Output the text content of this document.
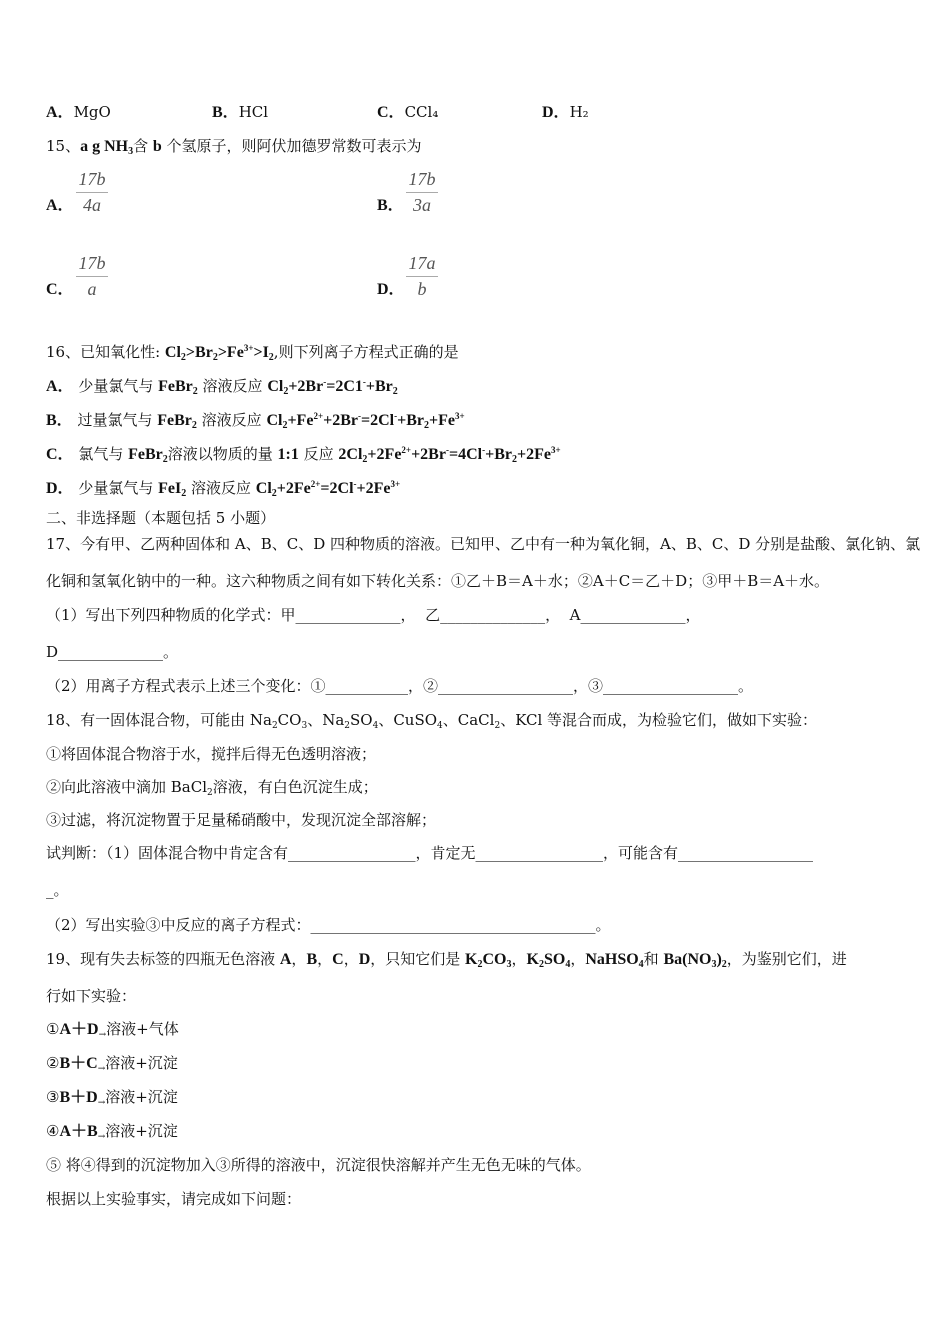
A．MgO	B．HCl	C．CCl₄	D．H₂
15、a g $NH_3$含 b 个氢原子，则阿伏加德罗常数可表示为
A． $\frac{17b}{4a}$	B． $\frac{17b}{3a}$
C． $\frac{17b}{a}$	D． $\frac{17a}{b}$
16、已知氧化性: $Cl_2>Br_2>Fe^{3+}>I_2$,则下列离子方程式正确的是
A． 少量氯气与 FeBr$_2$ 溶液反应 $Cl_2+2Br^-=2C1^-+Br_2$
B． 过量氯气与 FeBr$_2$ 溶液反应 $Cl_2+Fe^{2+}+2Br^-=2Cl^-+Br_2+Fe^{3+}$
C． 氯气与 FeBr$_2$溶液以物质的量 1:1 反应 $2Cl_2+2Fe^{2+}+2Br^-=4Cl^-+Br_2+2Fe^{3+}$
D． 少量氯气与 FeI$_2$ 溶液反应 $Cl_2+2Fe^{2+}=2Cl^-+2Fe^{3+}$
二、非选择题（本题包括 5 小题）
17、今有甲、乙两种固体和 A、B、C、D 四种物质的溶液。已知甲、乙中有一种为氧化铜，A、B、C、D 分别是盐酸、氯化钠、氯
化铜和氢氧化钠中的一种。这六种物质之间有如下转化关系：①乙＋B＝A＋水；②A＋C＝乙＋D；③甲＋B＝A＋水。
（1）写出下列四种物质的化学式：甲______________，  乙______________，  A______________，
D______________。
（2）用离子方程式表示上述三个变化：①___________，②__________________，③__________________。
18、有一固体混合物，可能由 $Na_2CO_3$、$Na_2SO_4$、CuSO$_4$、CaCl$_2$、KCl 等混合而成，为检验它们，做如下实验：
①将固体混合物溶于水，搅拌后得无色透明溶液；
②向此溶液中滴加 BaCl$_2$溶液，有白色沉淀生成；
③过滤，将沉淀物置于足量稀硝酸中，发现沉淀全部溶解；
试判断：（1）固体混合物中肯定含有_________________，肯定无_________________，可能含有__________________
_。
（2）写出实验③中反应的离子方程式：______________________________________。
19、现有失去标签的四瓶无色溶液 A，B，C，D，只知它们是 $K_2CO_3$，$K_2SO_4$，NaHSO$_4$和 $Ba(NO_3)_2$，为鉴别它们，进
行如下实验：
$①A+D_\to$溶液+气体
$②B+C_\to$溶液+沉淀
$③B+D_\to$溶液+沉淀
$④A+B_\to$溶液+沉淀
⑤ 将④得到的沉淀物加入③所得的溶液中，沉淀很快溶解并产生无色无味的气体。
根据以上实验事实，请完成如下问题：
